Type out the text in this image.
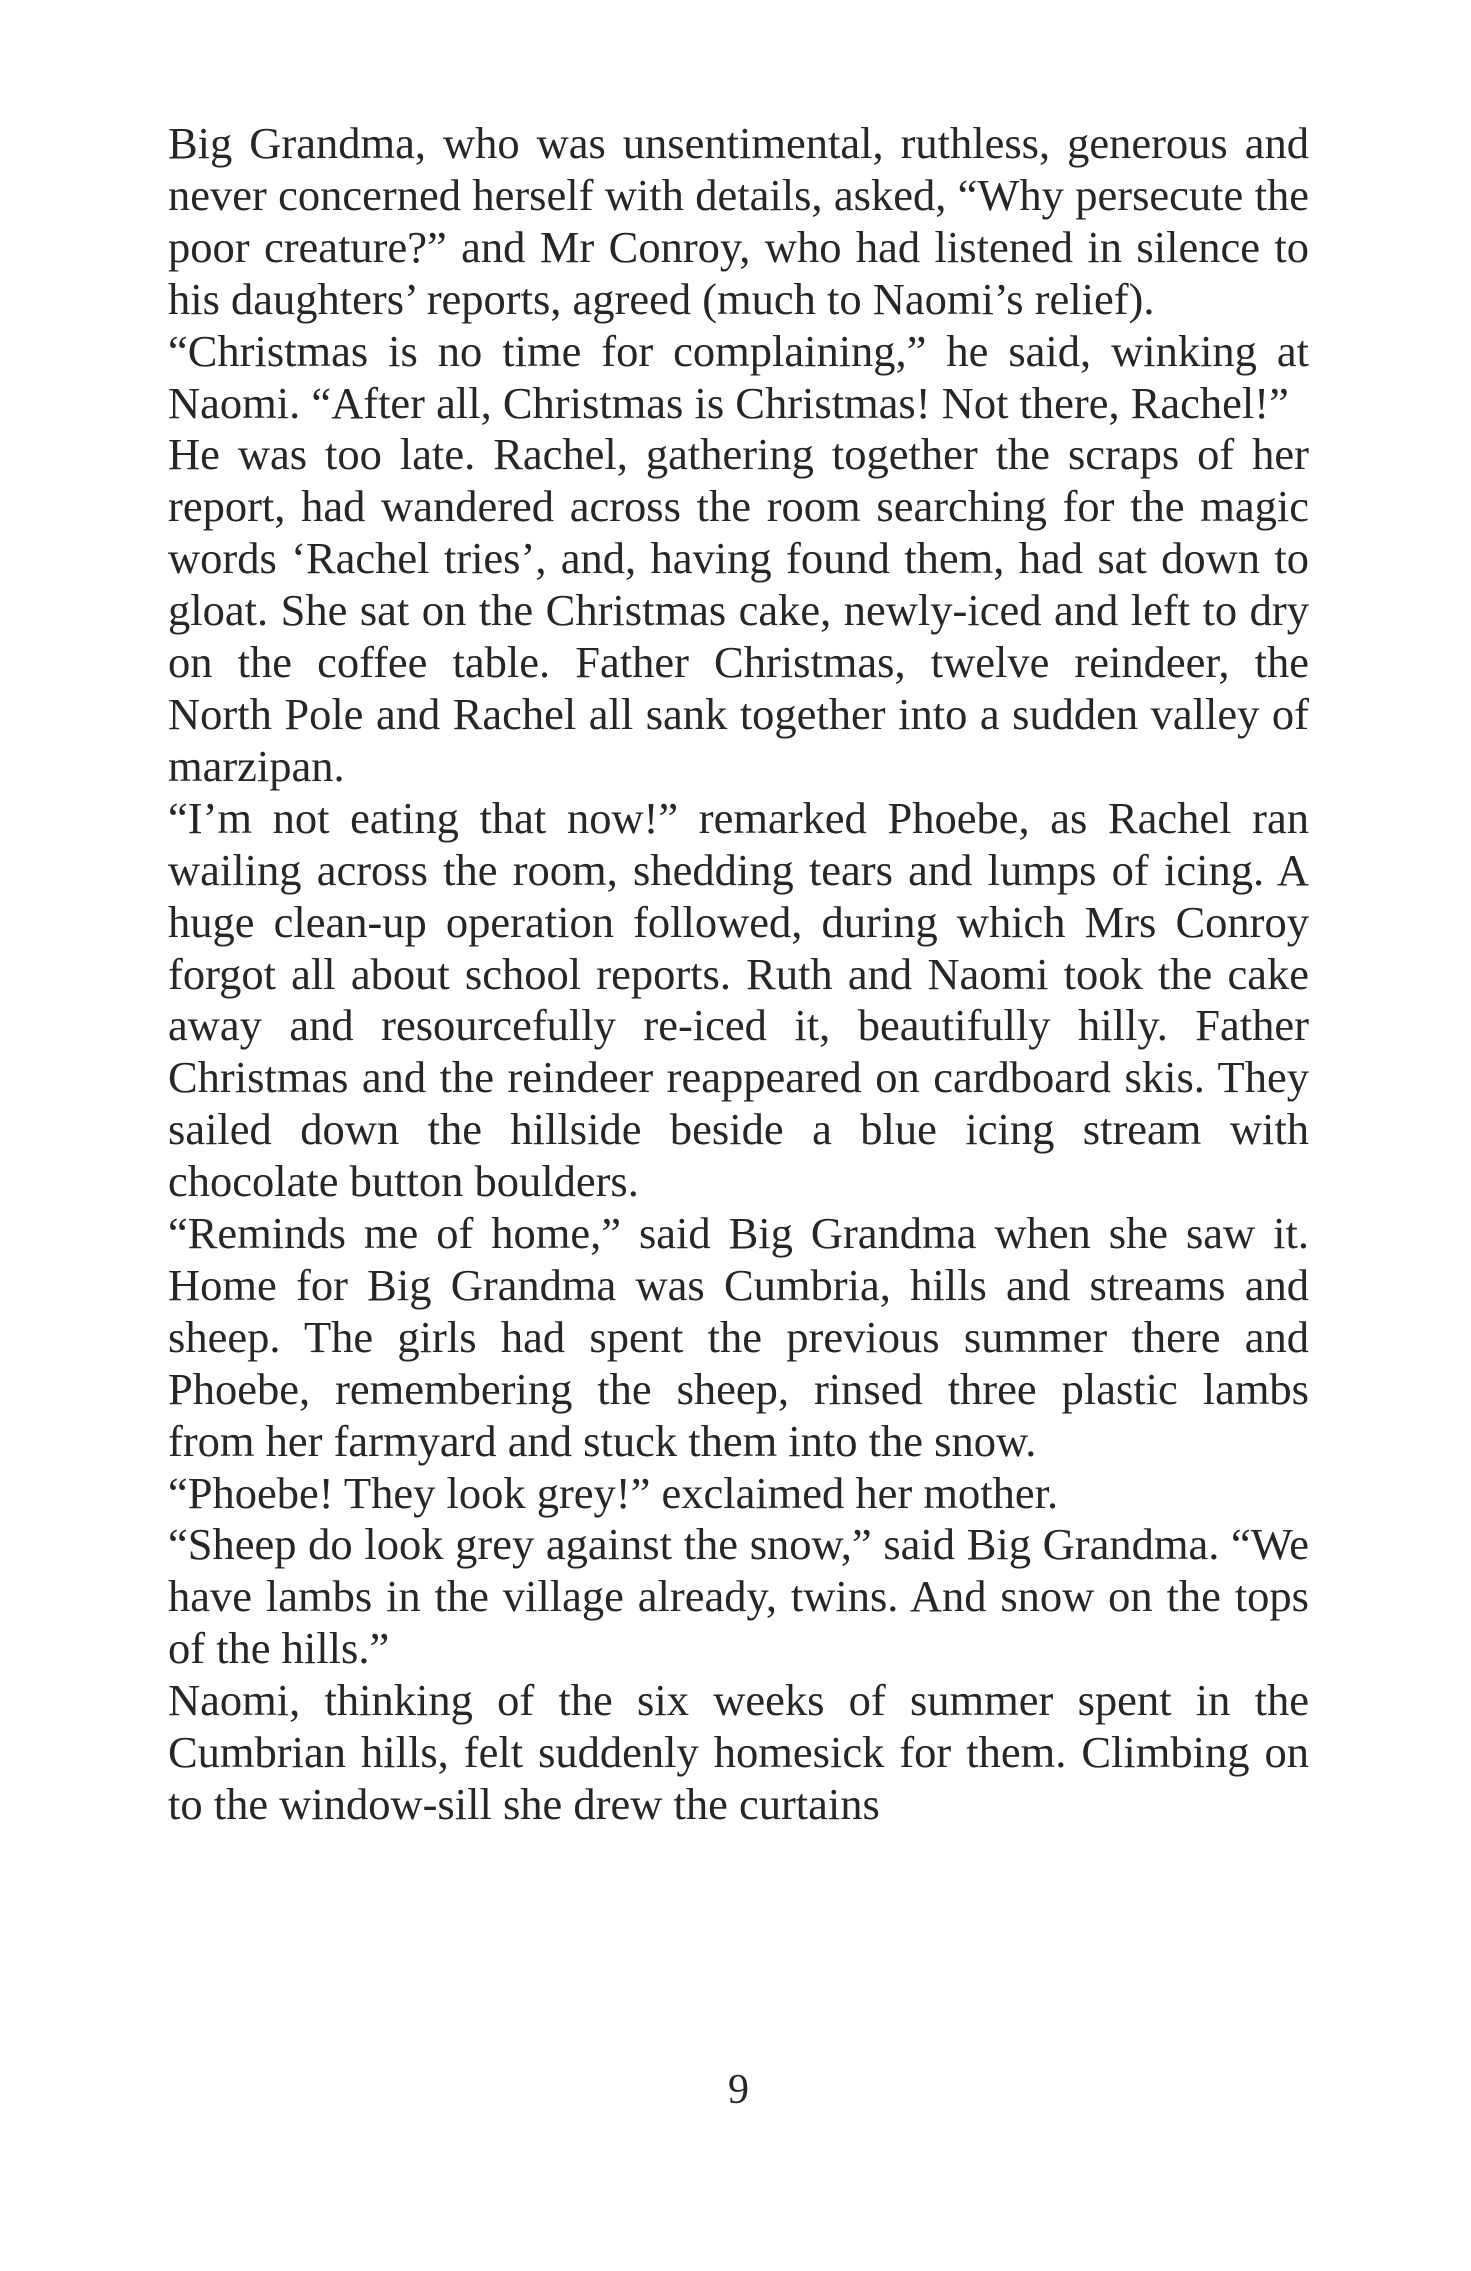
Big Grandma, who was unsentimental, ruthless, generous and never concerned herself with details, asked, “Why persecute the poor creature?” and Mr Conroy, who had listened in silence to his daughters’ reports, agreed (much to Naomi’s relief).

“Christmas is no time for complaining,” he said, winking at Naomi. “After all, Christmas is Christmas! Not there, Rachel!”

He was too late. Rachel, gathering together the scraps of her report, had wandered across the room searching for the magic words ‘Rachel tries’, and, having found them, had sat down to gloat. She sat on the Christmas cake, newly-iced and left to dry on the coffee table. Father Christmas, twelve reindeer, the North Pole and Rachel all sank together into a sudden valley of marzipan.

“I’m not eating that now!” remarked Phoebe, as Rachel ran wailing across the room, shedding tears and lumps of icing. A huge clean-up operation followed, during which Mrs Conroy forgot all about school reports. Ruth and Naomi took the cake away and resourcefully re-iced it, beautifully hilly. Father Christmas and the reindeer reappeared on cardboard skis. They sailed down the hillside beside a blue icing stream with chocolate button boulders.

“Reminds me of home,” said Big Grandma when she saw it. Home for Big Grandma was Cumbria, hills and streams and sheep. The girls had spent the previous summer there and Phoebe, remembering the sheep, rinsed three plastic lambs from her farmyard and stuck them into the snow.

“Phoebe! They look grey!” exclaimed her mother.

“Sheep do look grey against the snow,” said Big Grandma. “We have lambs in the village already, twins. And snow on the tops of the hills.”

Naomi, thinking of the six weeks of summer spent in the Cumbrian hills, felt suddenly homesick for them. Climbing on to the window-sill she drew the curtains

9
